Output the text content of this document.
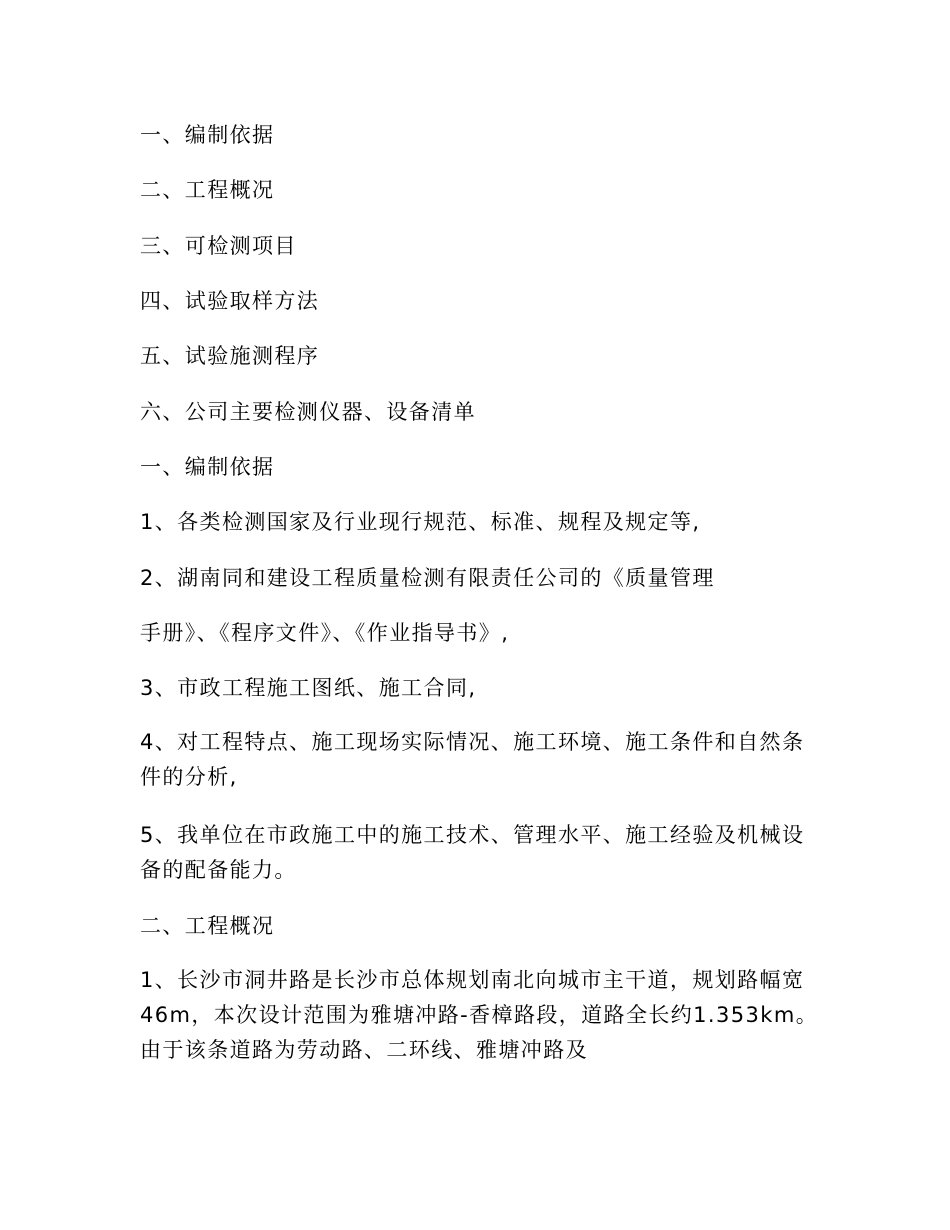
一、编制依据
二、工程概况
三、可检测项目
四、试验取样方法
五、试验施测程序
六、公司主要检测仪器、设备清单
一、编制依据
1、各类检测国家及行业现行规范、标准、规程及规定等,
2、湖南同和建设工程质量检测有限责任公司的《质量管理
手册》、《程序文件》、《作业指导书》,
3、市政工程施工图纸、施工合同,
4、对工程特点、施工现场实际情况、施工环境、施工条件和自然条件的分析,
5、我单位在市政施工中的施工技术、管理水平、施工经验及机械设备的配备能力。
二、工程概况
1、长沙市洞井路是长沙市总体规划南北向城市主干道，规划路幅宽46m，本次设计范围为雅塘冲路-香樟路段，道路全长约1.353km。由于该条道路为劳动路、二环线、雅塘冲路及
